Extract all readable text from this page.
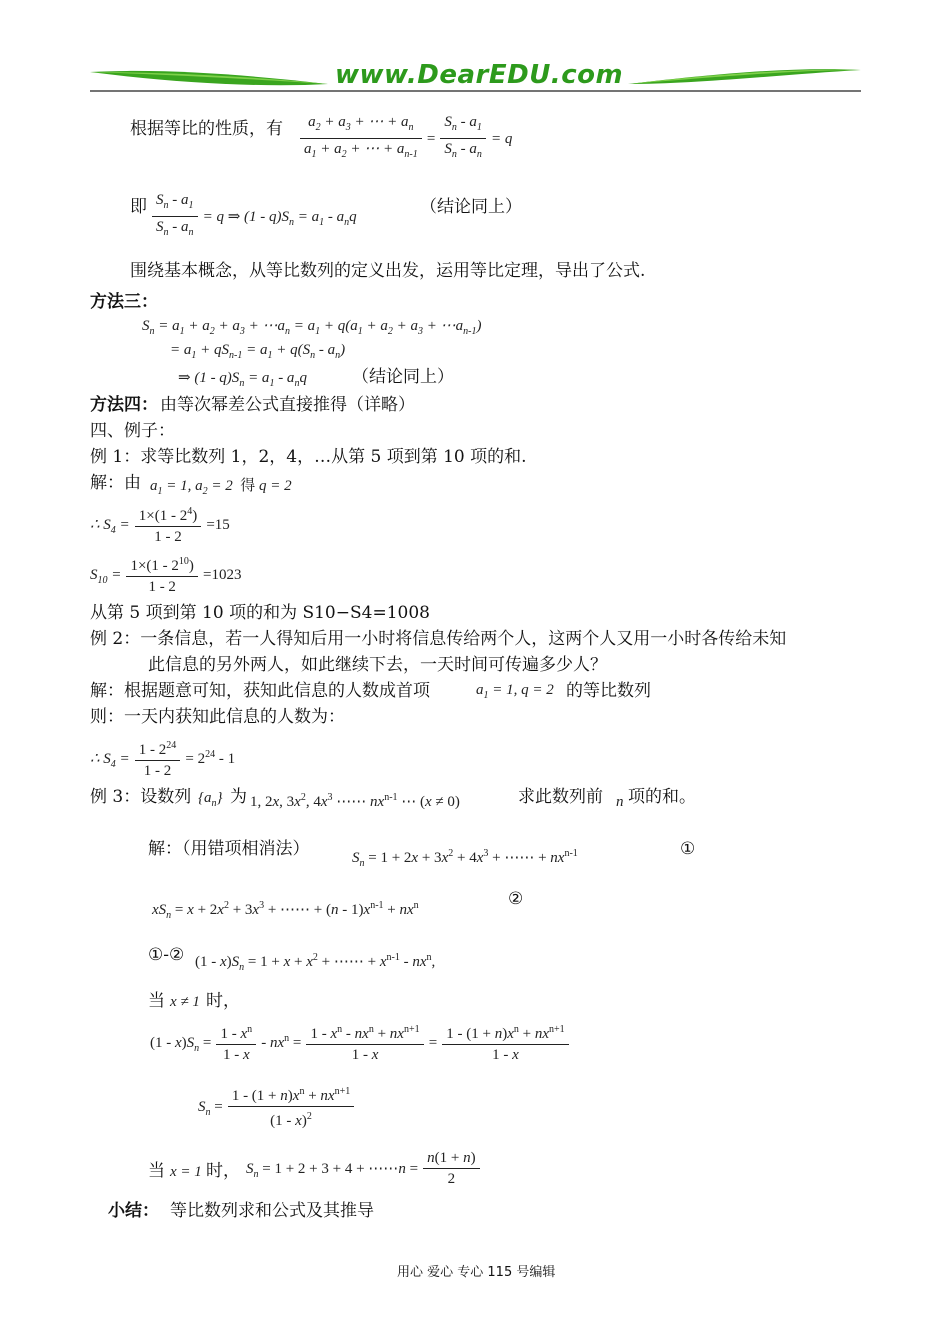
www.DearEDU.com
根据等比的性质，有 $\frac{a_2 + a_3 + \cdots + a_n}{a_1 + a_2 + \cdots + a_{n-1}} = \frac{S_n - a_1}{S_n - a_n} = q$
即 $\frac{S_n - a_1}{S_n - a_n} = q$ ⇒ $(1 - q)S_n = a_1 - a_nq$	（结论同上）
围绕基本概念，从等比数列的定义出发，运用等比定理，导出了公式.
方法三：
$S_n = a_1 + a_2 + a_3$ + $\cdots a_n = a_1 + q(a_1 + a_2 + a_3$ + $\cdots a_{n-1}$)
= $a_1 + qS_{n-1} = a_1 + q(S_n - a_n)$
⇒ $(1 - q)S_n = a_1 - a_nq$	（结论同上）
方法四： 由等次幂差公式直接推得（详略）
四、例子：
例 1：求等比数列 1，2，4，…从第 5 项到第 10 项的和.
解：由 $a_1 = 1$, $a_2 = 2$  得 q = 2
∴ $S_4 = \frac{1\times(1 - 2^4)}{1 - 2} =15$
$S_{10} = \frac{1\times(1 - 2^{10})}{1 - 2} =1023$
从第 5 项到第 10 项的和为 S10−S4=1008
例 2：一条信息，若一人得知后用一小时将信息传给两个人，这两个人又用一小时各传给未知
此信息的另外两人，如此继续下去，一天时间可传遍多少人？
解：根据题意可知，获知此信息的人数成首项	$a_1 = 1$, q = 2 的等比数列
则：一天内获知此信息的人数为：
∴ $S_4 = \frac{1 - 2^{24}}{1 - 2} = 2^{24} - 1$
例 3：设数列 $\{a_n\}$ 为 1, 2x, $3x^2$, $4x^3$ ⋯⋯ $nx^{n-1}$ ⋯ (x ≠ 0)	求此数列前 n 项的和。
解：（用错项相消法）	$S_n = 1 + 2x + 3x^2 + 4x^3$ + ⋯⋯ + $nx^{n-1}$	①
$xS_n = x + 2x^2 + 3x^3$ + ⋯⋯ + $(n - 1)x^{n-1} + nx^n$	②
①-② $(1 - x)S_n = 1 + x + x^2$ + ⋯⋯ + $x^{n-1} - nx^n$,
当 x ≠ 1 时，
$(1 - x)S_n = \frac{1 - x^n}{1 - x} - nx^n = \frac{1 - x^n - nx^n + nx^{n+1}}{1 - x} = \frac{1 - (1 + n)x^n + nx^{n+1}}{1 - x}$
$S_n = \frac{1 - (1 + n)x^n + nx^{n+1}}{(1 - x)^2}$
当 x = 1 时， $S_n = 1 + 2 + 3 + 4$ + ⋯⋯n = $\frac{n(1 + n)}{2}$
小结： 等比数列求和公式及其推导
用心 爱心 专心 115 号编辑
